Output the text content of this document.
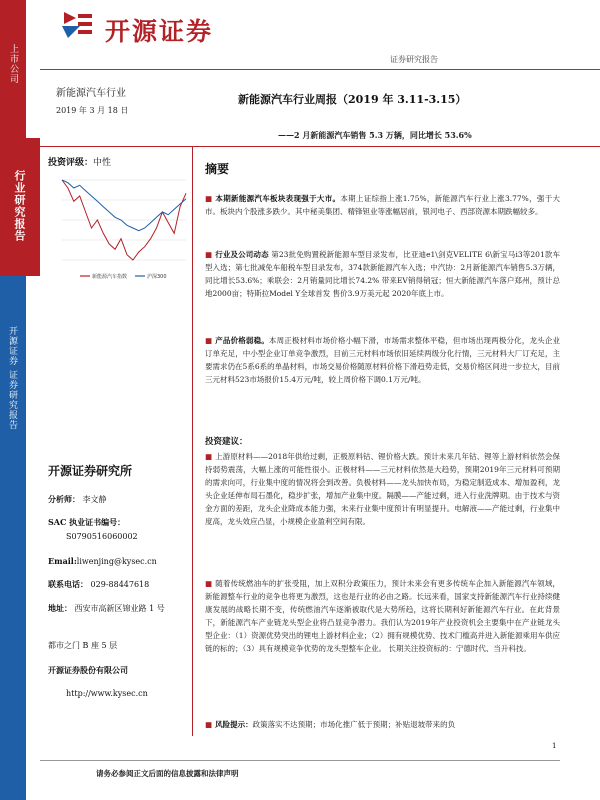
上市公司
行业研究报告
开源证券 证券研究报告
开源证券
证券研究报告
新能源汽车行业
2019 年 3 月 18 日
新能源汽车行业周报（2019 年 3.11-3.15）
——2 月新能源汽车销售 5.3 万辆，同比增长 53.6%
投资评级：中性
新能源汽车指数	沪深300
开源证券研究所
分析师： 李文静
SAC 执业证书编号：
S0790516060002
Email:liwenjing@kysec.cn
联系电话： 029-88447618
地址： 西安市高新区锦业路 1 号
都市之门 B 座 5 层
开源证券股份有限公司
http://www.kysec.cn
摘要
■ 本期新能源汽车板块表现强于大市。本期上证综指上涨1.75%，新能源汽车行业上涨3.77%，强于大市。板块内个股涨多跌少。其中秘美集团、精锋钽业等涨幅居前，银河电子、西部资源本期跌幅较多。
■ 行业及公司动态 第23批免购置税新能源车型目录发布，比亚迪e1\剑克VELITE 6\新宝马i3等201款车型入选；第七批减免车船税车型目录发布，374款新能源汽车入选；中汽协：2月新能源汽车销售5.3万辆，同比增长53.6%；乘联会：2月销量同比增长74.2% 带来EV销得销冠；恒大新能源汽车落户郑州，预计总地2000亩；特斯拉Model Y全球首发 售价3.9万美元起 2020年底上市。
■ 产品价格弱稳。本周正极材料市场价格小幅下滑，市场需求整体平稳，但市场出现两极分化，龙头企业订单充足，中小型企业订单竞争激烈，目前三元材料市场依旧延续两级分化行情，三元材料大厂订充足，主要需求仍在5系6系的单晶材料，市场交易价格随原材料价格下滑趋势走低，交易价格区间进一步拉大，目前三元材料523市场报价15.4万元/吨，较上周价格下调0.1万元/吨。
投资建议：
■ 上游原材料——2018年供给过剩，正极原料钴、锂价格大跌。预计未来几年钴、锂等上游材料依然会保持弱势震荡，大幅上涨的可能性很小。正极材料——三元材料依然是大趋势，预期2019年三元材料可预期的需求向可，行业集中度的情况将会到改善。负极材料——龙头加快布局，为稳定制造成本、增加盈利，龙头企业延伸布局石墨化，稳步扩张，增加产业集中度。隔膜——产能过剩，进入行业洗牌期。由于技术与资金方面的差距，龙头企业降成本能力强，未来行业集中度预计有明显提升。电解液——产能过剩，行业集中度高，龙头效应凸显，小规模企业盈利空间有限。
■ 随着传统燃油车的扩张受阻，加上双积分政策压力，预计未来会有更多传统车企加入新能源汽车领域，新能源整车行业的竞争也将更为激烈，这也是行业的必由之路。长远来看，国家支持新能源汽车行业持续健康发展的战略长期不变，传统燃油汽车逐渐被取代是大势所趋，这将长期利好新能源汽车行业。在此背景下，新能源汽车产业链龙头型企业将凸显竞争潜力。我们认为2019年产业投资机会主要集中在产业链龙头型企业：（1）资源优势突出的锂电上游材料企业；（2）拥有规模优势、技术门槛高并进入新能源乘用车供应链的标的；（3）具有规模竞争优势的龙头型整车企业。 长期关注投资标的：宁德时代、当升科技。
■ 风险提示：政策落实不达预期；市场化推广低于预期；补贴退坡带来的负
1
请务必参阅正文后面的信息披露和法律声明
